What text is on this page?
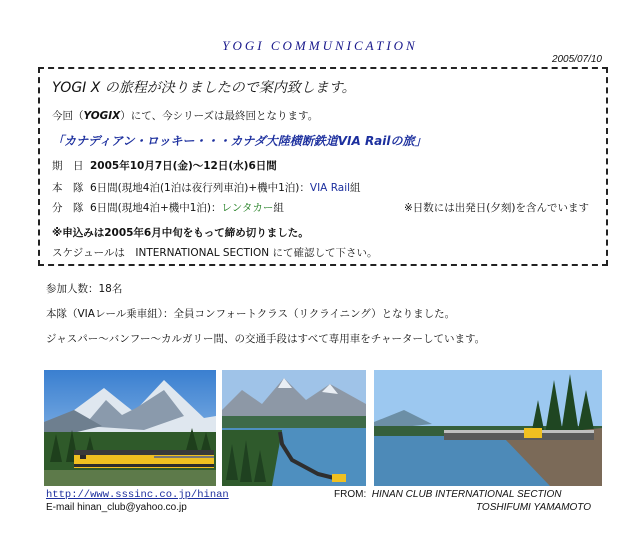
YOGI COMMUNICATION
2005/07/10
YOGI Ⅹ の旅程が決りましたので案内致します。
今回（YOGIⅩ）にて、今シリーズは最終回となります。
「カナディアン・ロッキー・・・カナダ大陸横断鉄道VIA Railの旅」
期　日 2005年10月7日(金)〜12日(水)6日間
本　隊 6日間(現地4泊(1泊は夜行列車泊)+機中1泊)：VIA Rail組
分　隊 6日間(現地4泊+機中1泊)：レンタカー組	※日数には出発日(夕刻)を含んでいます
※申込みは2005年6月中旬をもって締め切りました。
スケジュールは　INTERNATIONAL SECTION にて確認して下さい。
参加人数：18名
本隊（VIAレール乗車組）：全員コンフォートクラス（リクライニング）となりました。
ジャスパー〜バンフー〜カルガリー間、の交通手段はすべて専用車をチャーターしています。
http://www.sssinc.co.jp/hinan
E-mail hinan_club@yahoo.co.jp
FROM: HINAN CLUB INTERNATIONAL SECTION
TOSHIFUMI YAMAMOTO
